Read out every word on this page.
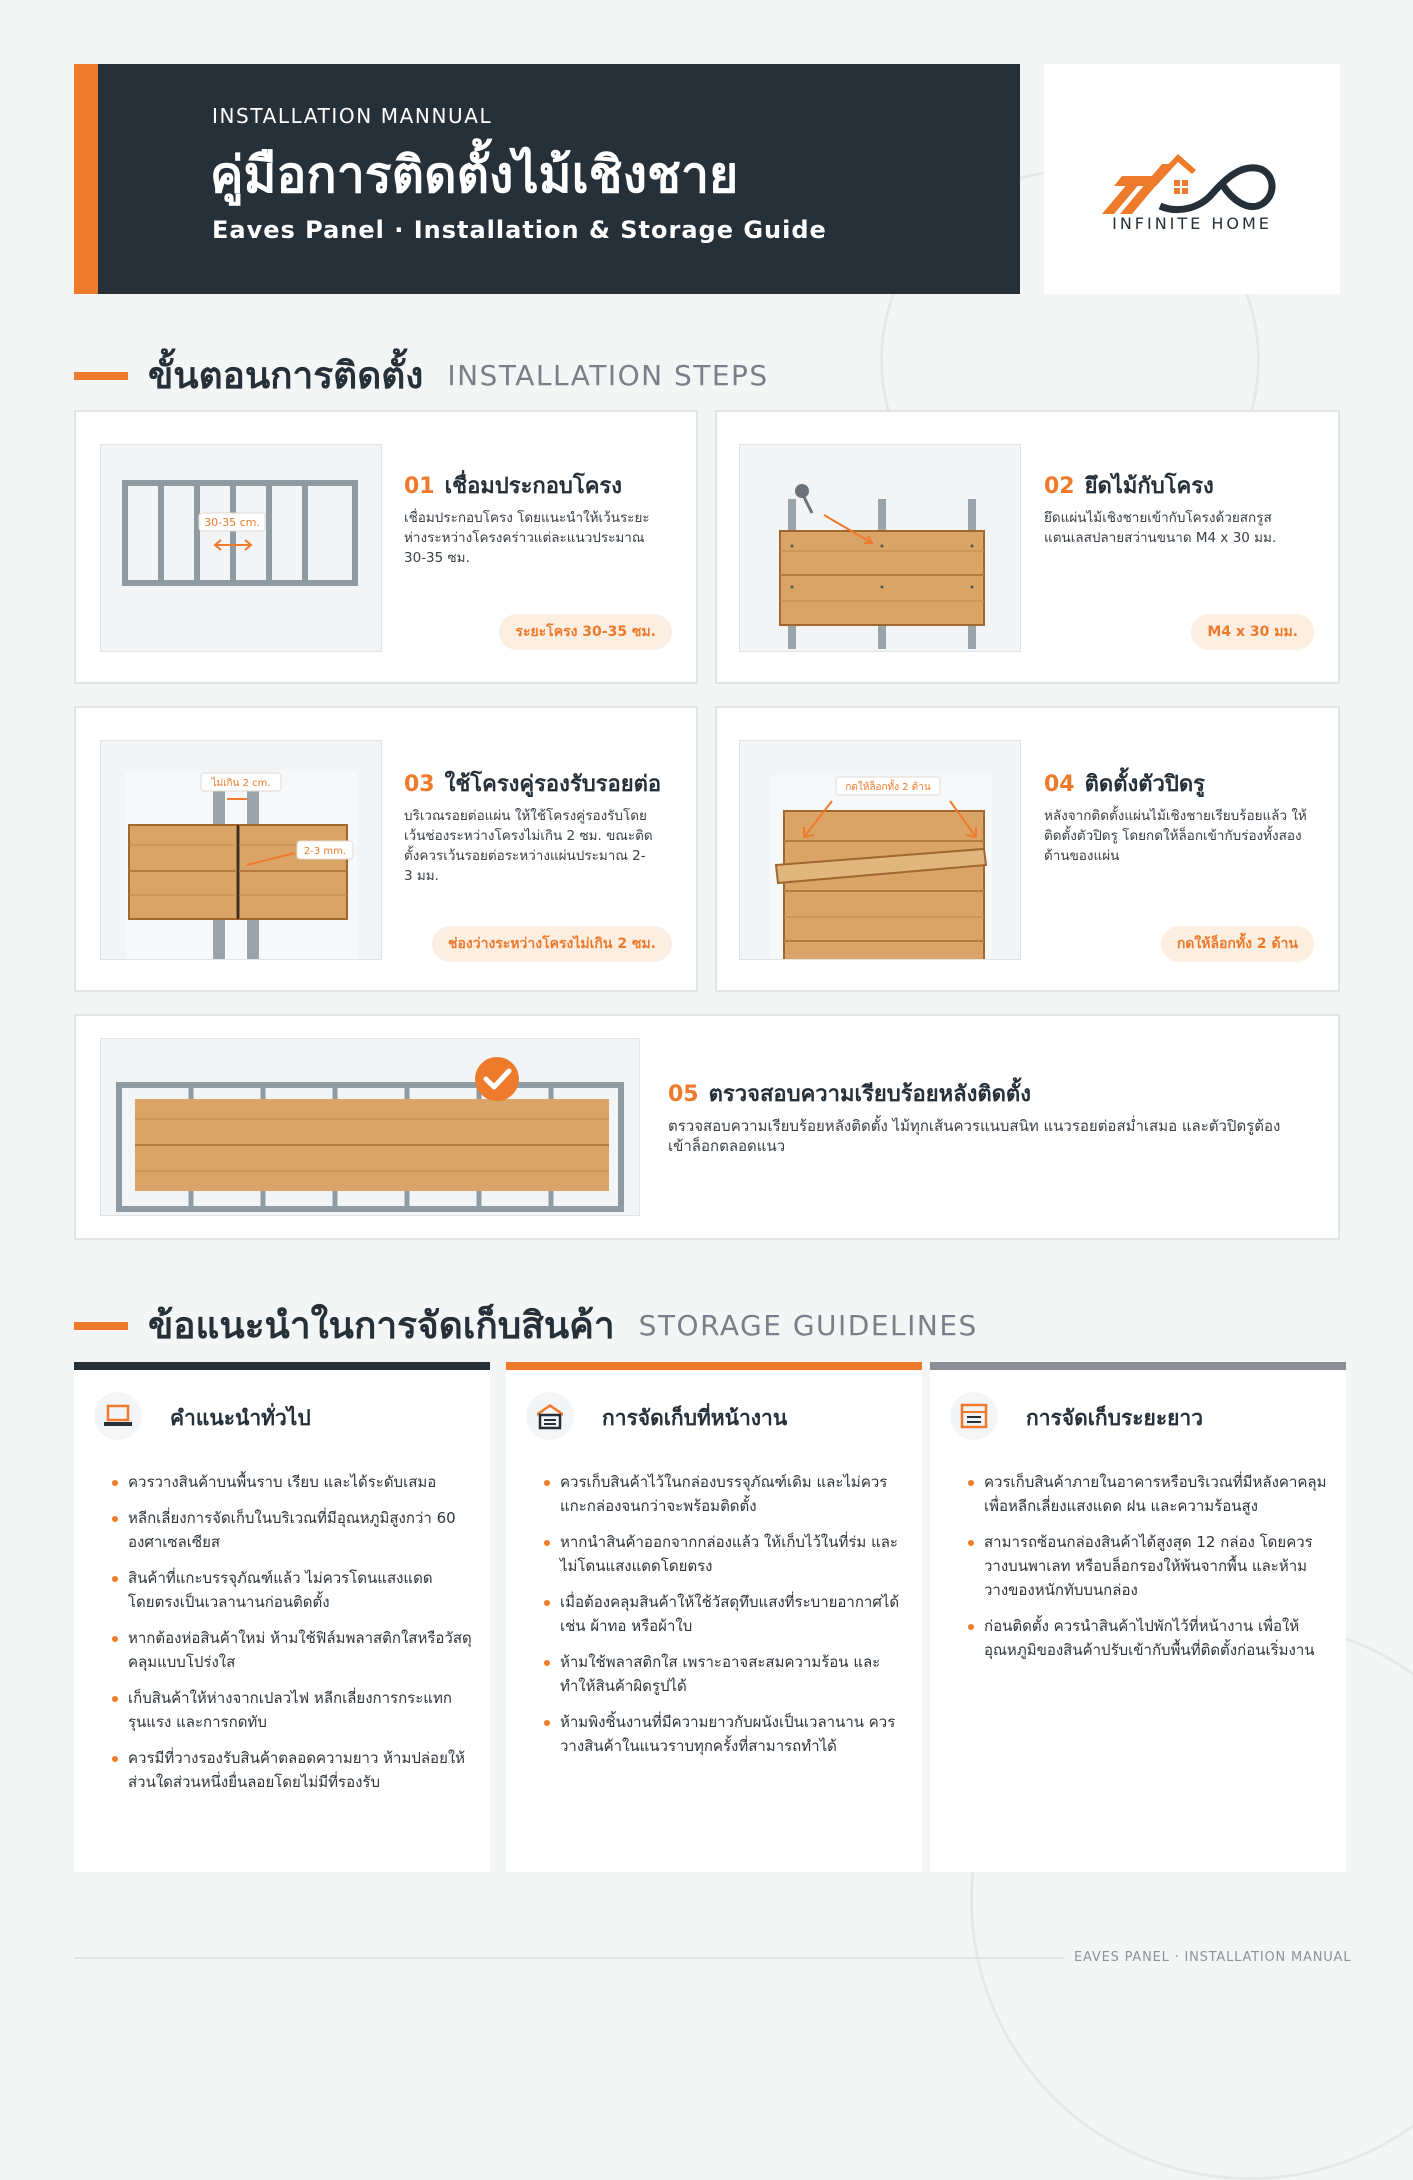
INSTALLATION MANNUAL
คู่มือการติดตั้งไม้เชิงชาย
Eaves Panel · Installation & Storage Guide	INFINITE HOME
ขั้นตอนการติดตั้ง INSTALLATION STEPS
30-35 cm.
01 เชื่อมประกอบโครง
เชื่อมประกอบโครง โดยแนะนำให้เว้นระยะห่างระหว่างโครงคร่าวแต่ละแนวประมาณ 30-35 ซม.
ระยะโครง 30-35 ซม.
02 ยึดไม้กับโครง
ยึดแผ่นไม้เชิงชายเข้ากับโครงด้วยสกรูสแตนเลสปลายสว่านขนาด M4 x 30 มม.
M4 x 30 มม.
ไม่เกิน 2 cm.
2-3 mm.
03 ใช้โครงคู่รองรับรอยต่อ
บริเวณรอยต่อแผ่น ให้ใช้โครงคู่รองรับโดยเว้นช่องระหว่างโครงไม่เกิน 2 ซม. ขณะติดตั้งควรเว้นรอยต่อระหว่างแผ่นประมาณ 2-3 มม.
ช่องว่างระหว่างโครงไม่เกิน 2 ซม.
กดให้ล็อกทั้ง 2 ด้าน	04 ติดตั้งตัวปิดรู
หลังจากติดตั้งแผ่นไม้เชิงชายเรียบร้อยแล้ว ให้ติดตั้งตัวปิดรู โดยกดให้ล็อกเข้ากับร่องทั้งสองด้านของแผ่น
กดให้ล็อกทั้ง 2 ด้าน
05 ตรวจสอบความเรียบร้อยหลังติดตั้ง
ตรวจสอบความเรียบร้อยหลังติดตั้ง ไม้ทุกเส้นควรแนบสนิท แนวรอยต่อสม่ำเสมอ และตัวปิดรูต้องเข้าล็อกตลอดแนว
ข้อแนะนำในการจัดเก็บสินค้า STORAGE GUIDELINES
คำแนะนำทั่วไป
ควรวางสินค้าบนพื้นราบ เรียบ และได้ระดับเสมอ
หลีกเลี่ยงการจัดเก็บในบริเวณที่มีอุณหภูมิสูงกว่า 60 องศาเซลเซียส
สินค้าที่แกะบรรจุภัณฑ์แล้ว ไม่ควรโดนแสงแดดโดยตรงเป็นเวลานานก่อนติดตั้ง
หากต้องห่อสินค้าใหม่ ห้ามใช้ฟิล์มพลาสติกใสหรือวัสดุคลุมแบบโปร่งใส
เก็บสินค้าให้ห่างจากเปลวไฟ หลีกเลี่ยงการกระแทกรุนแรง และการกดทับ
ควรมีที่วางรองรับสินค้าตลอดความยาว ห้ามปล่อยให้ส่วนใดส่วนหนึ่งยื่นลอยโดยไม่มีที่รองรับ
การจัดเก็บที่หน้างาน
ควรเก็บสินค้าไว้ในกล่องบรรจุภัณฑ์เดิม และไม่ควรแกะกล่องจนกว่าจะพร้อมติดตั้ง
หากนำสินค้าออกจากกล่องแล้ว ให้เก็บไว้ในที่ร่ม และไม่โดนแสงแดดโดยตรง
เมื่อต้องคลุมสินค้าให้ใช้วัสดุทึบแสงที่ระบายอากาศได้ เช่น ผ้าทอ หรือผ้าใบ
ห้ามใช้พลาสติกใส เพราะอาจสะสมความร้อน และทำให้สินค้าผิดรูปได้
ห้ามพิงชิ้นงานที่มีความยาวกับผนังเป็นเวลานาน ควรวางสินค้าในแนวราบทุกครั้งที่สามารถทำได้
การจัดเก็บระยะยาว
ควรเก็บสินค้าภายในอาคารหรือบริเวณที่มีหลังคาคลุม เพื่อหลีกเลี่ยงแสงแดด ฝน และความร้อนสูง
สามารถซ้อนกล่องสินค้าได้สูงสุด 12 กล่อง โดยควรวางบนพาเลท หรือบล็อกรองให้พ้นจากพื้น และห้ามวางของหนักทับบนกล่อง
ก่อนติดตั้ง ควรนำสินค้าไปพักไว้ที่หน้างาน เพื่อให้อุณหภูมิของสินค้าปรับเข้ากับพื้นที่ติดตั้งก่อนเริ่มงาน
EAVES PANEL · INSTALLATION MANUAL
